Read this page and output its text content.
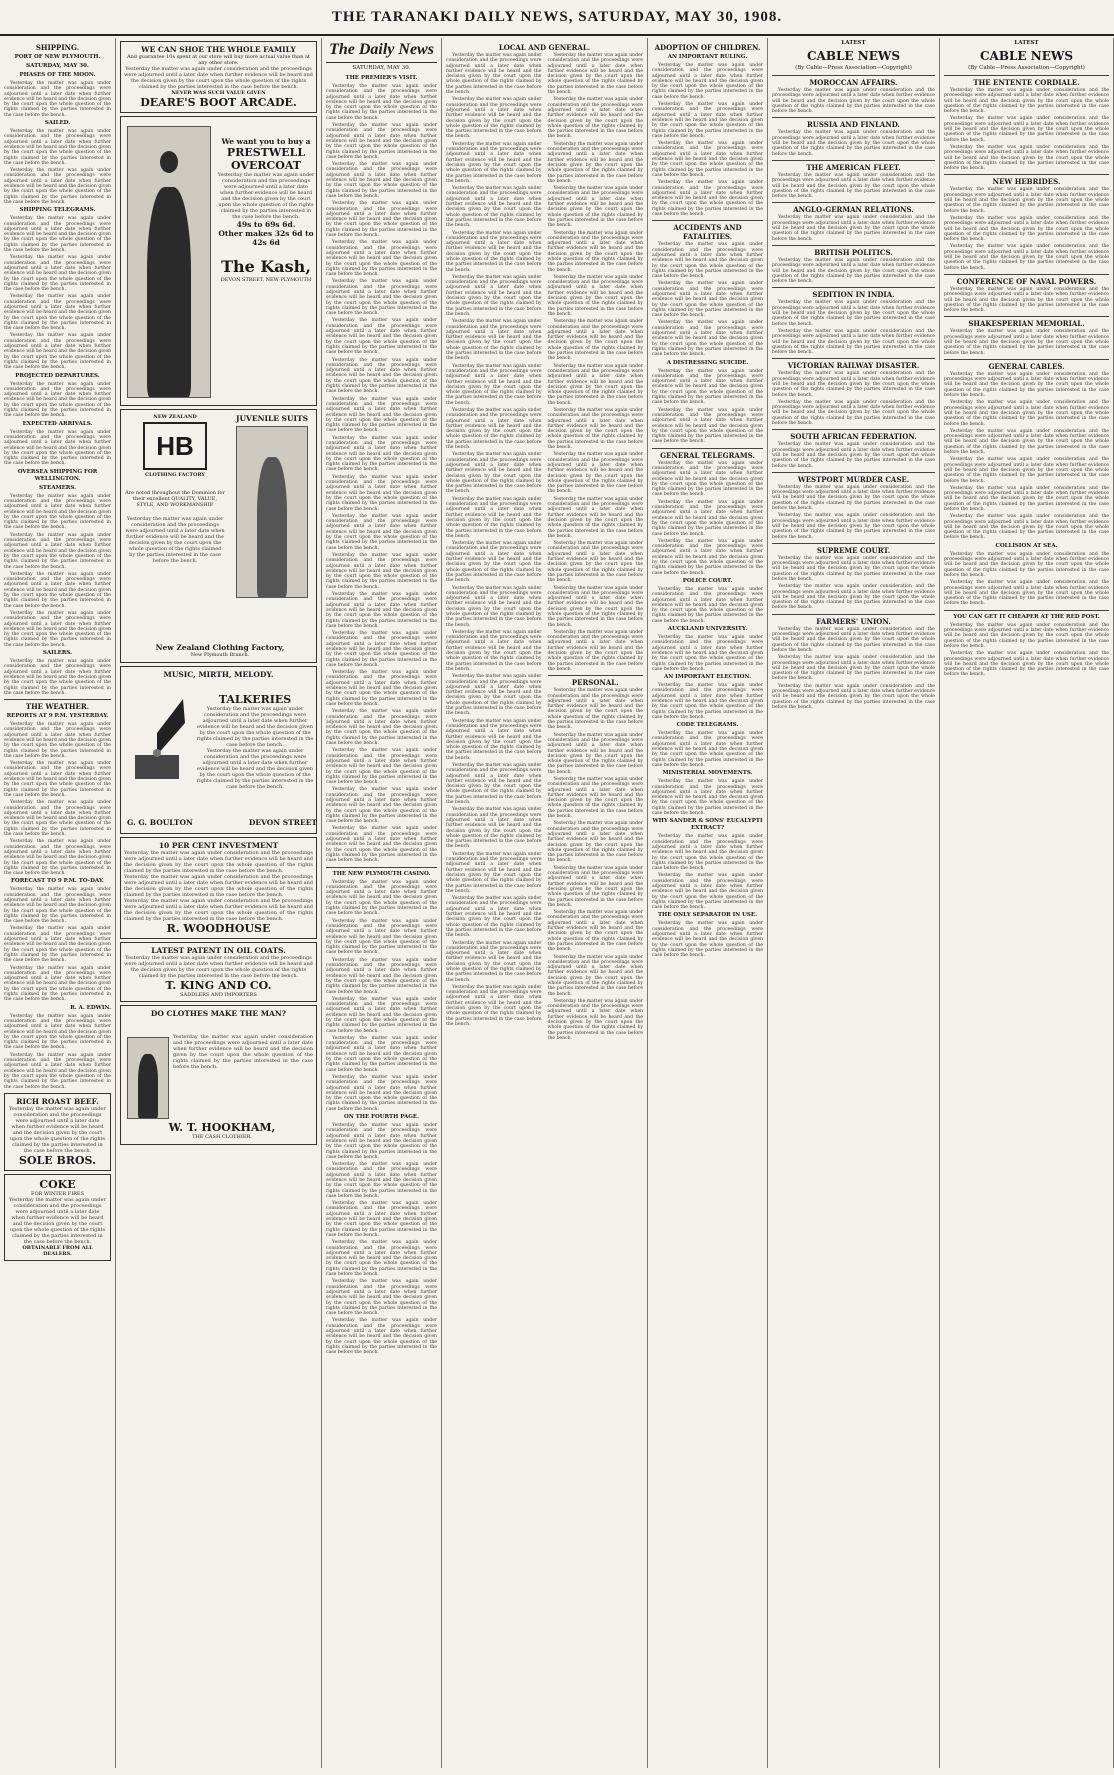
THE TARANAKI DAILY NEWS, SATURDAY, MAY 30, 1908.
SHIPPING.
PORT OF NEW PLYMOUTH.
SATURDAY, MAY 30.
PHASES OF THE MOON.
Yesterday the matter was again under consideration and the proceedings were adjourned until a later date when further evidence will be heard and the decision given by the court upon the whole question of the rights claimed by the parties interested in the case before the bench.
SAILED.
Yesterday the matter was again under consideration and the proceedings were adjourned until a later date when further evidence will be heard and the decision given by the court upon the whole question of the rights claimed by the parties interested in the case before the bench.
Yesterday the matter was again under consideration and the proceedings were adjourned until a later date when further evidence will be heard and the decision given by the court upon the whole question of the rights claimed by the parties interested in the case before the bench.
SHIPPING TELEGRAMS.
Yesterday the matter was again under consideration and the proceedings were adjourned until a later date when further evidence will be heard and the decision given by the court upon the whole question of the rights claimed by the parties interested in the case before the bench.
Yesterday the matter was again under consideration and the proceedings were adjourned until a later date when further evidence will be heard and the decision given by the court upon the whole question of the rights claimed by the parties interested in the case before the bench.
Yesterday the matter was again under consideration and the proceedings were adjourned until a later date when further evidence will be heard and the decision given by the court upon the whole question of the rights claimed by the parties interested in the case before the bench.
Yesterday the matter was again under consideration and the proceedings were adjourned until a later date when further evidence will be heard and the decision given by the court upon the whole question of the rights claimed by the parties interested in the case before the bench.
PROJECTED DEPARTURES.
Yesterday the matter was again under consideration and the proceedings were adjourned until a later date when further evidence will be heard and the decision given by the court upon the whole question of the rights claimed by the parties interested in the case before the bench.
EXPECTED ARRIVALS.
Yesterday the matter was again under consideration and the proceedings were adjourned until a later date when further evidence will be heard and the decision given by the court upon the whole question of the rights claimed by the parties interested in the case before the bench.
OVERSEA SHIPPING FOR WELLINGTON.
STEAMERS.
Yesterday the matter was again under consideration and the proceedings were adjourned until a later date when further evidence will be heard and the decision given by the court upon the whole question of the rights claimed by the parties interested in the case before the bench.
Yesterday the matter was again under consideration and the proceedings were adjourned until a later date when further evidence will be heard and the decision given by the court upon the whole question of the rights claimed by the parties interested in the case before the bench.
Yesterday the matter was again under consideration and the proceedings were adjourned until a later date when further evidence will be heard and the decision given by the court upon the whole question of the rights claimed by the parties interested in the case before the bench.
Yesterday the matter was again under consideration and the proceedings were adjourned until a later date when further evidence will be heard and the decision given by the court upon the whole question of the rights claimed by the parties interested in the case before the bench.
SAILERS.
Yesterday the matter was again under consideration and the proceedings were adjourned until a later date when further evidence will be heard and the decision given by the court upon the whole question of the rights claimed by the parties interested in the case before the bench.
THE WEATHER.
REPORTS AT 9 P.M. YESTERDAY.
Yesterday the matter was again under consideration and the proceedings were adjourned until a later date when further evidence will be heard and the decision given by the court upon the whole question of the rights claimed by the parties interested in the case before the bench.
Yesterday the matter was again under consideration and the proceedings were adjourned until a later date when further evidence will be heard and the decision given by the court upon the whole question of the rights claimed by the parties interested in the case before the bench.
Yesterday the matter was again under consideration and the proceedings were adjourned until a later date when further evidence will be heard and the decision given by the court upon the whole question of the rights claimed by the parties interested in the case before the bench.
Yesterday the matter was again under consideration and the proceedings were adjourned until a later date when further evidence will be heard and the decision given by the court upon the whole question of the rights claimed by the parties interested in the case before the bench.
FORECAST TO 9 P.M. TO-DAY.
Yesterday the matter was again under consideration and the proceedings were adjourned until a later date when further evidence will be heard and the decision given by the court upon the whole question of the rights claimed by the parties interested in the case before the bench.
Yesterday the matter was again under consideration and the proceedings were adjourned until a later date when further evidence will be heard and the decision given by the court upon the whole question of the rights claimed by the parties interested in the case before the bench.
Yesterday the matter was again under consideration and the proceedings were adjourned until a later date when further evidence will be heard and the decision given by the court upon the whole question of the rights claimed by the parties interested in the case before the bench.
R. A. EDWIN.
Yesterday the matter was again under consideration and the proceedings were adjourned until a later date when further evidence will be heard and the decision given by the court upon the whole question of the rights claimed by the parties interested in the case before the bench.
Yesterday the matter was again under consideration and the proceedings were adjourned until a later date when further evidence will be heard and the decision given by the court upon the whole question of the rights claimed by the parties interested in the case before the bench.
RICH ROAST BEEF.
Yesterday the matter was again under consideration and the proceedings were adjourned until a later date when further evidence will be heard and the decision given by the court upon the whole question of the rights claimed by the parties interested in the case before the bench.
SOLE BROS.
COKE
FOR WINTER FIRES
Yesterday the matter was again under consideration and the proceedings were adjourned until a later date when further evidence will be heard and the decision given by the court upon the whole question of the rights claimed by the parties interested in the case before the bench.
OBTAINABLE FROM ALL DEALERS.
WE CAN SHOE THE WHOLE FAMILY
And guarantee 10s spent at our store will buy more actual value than at any other store.
Yesterday the matter was again under consideration and the proceedings were adjourned until a later date when further evidence will be heard and the decision given by the court upon the whole question of the rights claimed by the parties interested in the case before the bench.
NEVER WAS SUCH VALUE GIVEN
DEARE'S BOOT ARCADE.
We want you to buy a
PRESTWELL OVERCOAT
Yesterday the matter was again under consideration and the proceedings were adjourned until a later date when further evidence will be heard and the decision given by the court upon the whole question of the rights claimed by the parties interested in the case before the bench.
49s to 69s 6d.
Other makes 32s 6d to 42s 6d
The Kash,
DEVON STREET, NEW PLYMOUTH
NEW ZEALAND
HB
CLOTHING FACTORY
Are noted throughout the Dominion for their excellent QUALITY, VALUE, STYLE, AND WORKMANSHIP.
Yesterday the matter was again under consideration and the proceedings were adjourned until a later date when further evidence will be heard and the decision given by the court upon the whole question of the rights claimed by the parties interested in the case before the bench.
JUVENILE SUITS
New Zealand Clothing Factory,
New Plymouth Branch.
MUSIC, MIRTH, MELODY.
TALKERIES
Yesterday the matter was again under consideration and the proceedings were adjourned until a later date when further evidence will be heard and the decision given by the court upon the whole question of the rights claimed by the parties interested in the case before the bench.
Yesterday the matter was again under consideration and the proceedings were adjourned until a later date when further evidence will be heard and the decision given by the court upon the whole question of the rights claimed by the parties interested in the case before the bench.
G. G. BOULTON	DEVON STREET
10 PER CENT INVESTMENT
Yesterday the matter was again under consideration and the proceedings were adjourned until a later date when further evidence will be heard and the decision given by the court upon the whole question of the rights claimed by the parties interested in the case before the bench.
Yesterday the matter was again under consideration and the proceedings were adjourned until a later date when further evidence will be heard and the decision given by the court upon the whole question of the rights claimed by the parties interested in the case before the bench.
Yesterday the matter was again under consideration and the proceedings were adjourned until a later date when further evidence will be heard and the decision given by the court upon the whole question of the rights claimed by the parties interested in the case before the bench.
R. WOODHOUSE
LATEST PATENT IN OIL COATS.
Yesterday the matter was again under consideration and the proceedings were adjourned until a later date when further evidence will be heard and the decision given by the court upon the whole question of the rights claimed by the parties interested in the case before the bench.
T. KING AND CO.
SADDLERS AND IMPORTERS
DO CLOTHES MAKE THE MAN?
Yesterday the matter was again under consideration and the proceedings were adjourned until a later date when further evidence will be heard and the decision given by the court upon the whole question of the rights claimed by the parties interested in the case before the bench.
W. T. HOOKHAM,
THE CASH CLOTHIER.
The Daily News
SATURDAY, MAY 30.
THE PREMIER'S VISIT.
Yesterday the matter was again under consideration and the proceedings were adjourned until a later date when further evidence will be heard and the decision given by the court upon the whole question of the rights claimed by the parties interested in the case before the bench.
Yesterday the matter was again under consideration and the proceedings were adjourned until a later date when further evidence will be heard and the decision given by the court upon the whole question of the rights claimed by the parties interested in the case before the bench.
Yesterday the matter was again under consideration and the proceedings were adjourned until a later date when further evidence will be heard and the decision given by the court upon the whole question of the rights claimed by the parties interested in the case before the bench.
Yesterday the matter was again under consideration and the proceedings were adjourned until a later date when further evidence will be heard and the decision given by the court upon the whole question of the rights claimed by the parties interested in the case before the bench.
Yesterday the matter was again under consideration and the proceedings were adjourned until a later date when further evidence will be heard and the decision given by the court upon the whole question of the rights claimed by the parties interested in the case before the bench.
Yesterday the matter was again under consideration and the proceedings were adjourned until a later date when further evidence will be heard and the decision given by the court upon the whole question of the rights claimed by the parties interested in the case before the bench.
Yesterday the matter was again under consideration and the proceedings were adjourned until a later date when further evidence will be heard and the decision given by the court upon the whole question of the rights claimed by the parties interested in the case before the bench.
Yesterday the matter was again under consideration and the proceedings were adjourned until a later date when further evidence will be heard and the decision given by the court upon the whole question of the rights claimed by the parties interested in the case before the bench.
Yesterday the matter was again under consideration and the proceedings were adjourned until a later date when further evidence will be heard and the decision given by the court upon the whole question of the rights claimed by the parties interested in the case before the bench.
Yesterday the matter was again under consideration and the proceedings were adjourned until a later date when further evidence will be heard and the decision given by the court upon the whole question of the rights claimed by the parties interested in the case before the bench.
Yesterday the matter was again under consideration and the proceedings were adjourned until a later date when further evidence will be heard and the decision given by the court upon the whole question of the rights claimed by the parties interested in the case before the bench.
Yesterday the matter was again under consideration and the proceedings were adjourned until a later date when further evidence will be heard and the decision given by the court upon the whole question of the rights claimed by the parties interested in the case before the bench.
Yesterday the matter was again under consideration and the proceedings were adjourned until a later date when further evidence will be heard and the decision given by the court upon the whole question of the rights claimed by the parties interested in the case before the bench.
Yesterday the matter was again under consideration and the proceedings were adjourned until a later date when further evidence will be heard and the decision given by the court upon the whole question of the rights claimed by the parties interested in the case before the bench.
Yesterday the matter was again under consideration and the proceedings were adjourned until a later date when further evidence will be heard and the decision given by the court upon the whole question of the rights claimed by the parties interested in the case before the bench.
Yesterday the matter was again under consideration and the proceedings were adjourned until a later date when further evidence will be heard and the decision given by the court upon the whole question of the rights claimed by the parties interested in the case before the bench.
Yesterday the matter was again under consideration and the proceedings were adjourned until a later date when further evidence will be heard and the decision given by the court upon the whole question of the rights claimed by the parties interested in the case before the bench.
Yesterday the matter was again under consideration and the proceedings were adjourned until a later date when further evidence will be heard and the decision given by the court upon the whole question of the rights claimed by the parties interested in the case before the bench.
Yesterday the matter was again under consideration and the proceedings were adjourned until a later date when further evidence will be heard and the decision given by the court upon the whole question of the rights claimed by the parties interested in the case before the bench.
Yesterday the matter was again under consideration and the proceedings were adjourned until a later date when further evidence will be heard and the decision given by the court upon the whole question of the rights claimed by the parties interested in the case before the bench.
THE NEW PLYMOUTH CASINO.
Yesterday the matter was again under consideration and the proceedings were adjourned until a later date when further evidence will be heard and the decision given by the court upon the whole question of the rights claimed by the parties interested in the case before the bench.
Yesterday the matter was again under consideration and the proceedings were adjourned until a later date when further evidence will be heard and the decision given by the court upon the whole question of the rights claimed by the parties interested in the case before the bench.
Yesterday the matter was again under consideration and the proceedings were adjourned until a later date when further evidence will be heard and the decision given by the court upon the whole question of the rights claimed by the parties interested in the case before the bench.
Yesterday the matter was again under consideration and the proceedings were adjourned until a later date when further evidence will be heard and the decision given by the court upon the whole question of the rights claimed by the parties interested in the case before the bench.
Yesterday the matter was again under consideration and the proceedings were adjourned until a later date when further evidence will be heard and the decision given by the court upon the whole question of the rights claimed by the parties interested in the case before the bench.
Yesterday the matter was again under consideration and the proceedings were adjourned until a later date when further evidence will be heard and the decision given by the court upon the whole question of the rights claimed by the parties interested in the case before the bench.
ON THE FOURTH PAGE.
Yesterday the matter was again under consideration and the proceedings were adjourned until a later date when further evidence will be heard and the decision given by the court upon the whole question of the rights claimed by the parties interested in the case before the bench.
Yesterday the matter was again under consideration and the proceedings were adjourned until a later date when further evidence will be heard and the decision given by the court upon the whole question of the rights claimed by the parties interested in the case before the bench.
Yesterday the matter was again under consideration and the proceedings were adjourned until a later date when further evidence will be heard and the decision given by the court upon the whole question of the rights claimed by the parties interested in the case before the bench.
Yesterday the matter was again under consideration and the proceedings were adjourned until a later date when further evidence will be heard and the decision given by the court upon the whole question of the rights claimed by the parties interested in the case before the bench.
Yesterday the matter was again under consideration and the proceedings were adjourned until a later date when further evidence will be heard and the decision given by the court upon the whole question of the rights claimed by the parties interested in the case before the bench.
Yesterday the matter was again under consideration and the proceedings were adjourned until a later date when further evidence will be heard and the decision given by the court upon the whole question of the rights claimed by the parties interested in the case before the bench.
LOCAL AND GENERAL.
Yesterday the matter was again under consideration and the proceedings were adjourned until a later date when further evidence will be heard and the decision given by the court upon the whole question of the rights claimed by the parties interested in the case before the bench.
Yesterday the matter was again under consideration and the proceedings were adjourned until a later date when further evidence will be heard and the decision given by the court upon the whole question of the rights claimed by the parties interested in the case before the bench.
Yesterday the matter was again under consideration and the proceedings were adjourned until a later date when further evidence will be heard and the decision given by the court upon the whole question of the rights claimed by the parties interested in the case before the bench.
Yesterday the matter was again under consideration and the proceedings were adjourned until a later date when further evidence will be heard and the decision given by the court upon the whole question of the rights claimed by the parties interested in the case before the bench.
Yesterday the matter was again under consideration and the proceedings were adjourned until a later date when further evidence will be heard and the decision given by the court upon the whole question of the rights claimed by the parties interested in the case before the bench.
Yesterday the matter was again under consideration and the proceedings were adjourned until a later date when further evidence will be heard and the decision given by the court upon the whole question of the rights claimed by the parties interested in the case before the bench.
Yesterday the matter was again under consideration and the proceedings were adjourned until a later date when further evidence will be heard and the decision given by the court upon the whole question of the rights claimed by the parties interested in the case before the bench.
Yesterday the matter was again under consideration and the proceedings were adjourned until a later date when further evidence will be heard and the decision given by the court upon the whole question of the rights claimed by the parties interested in the case before the bench.
Yesterday the matter was again under consideration and the proceedings were adjourned until a later date when further evidence will be heard and the decision given by the court upon the whole question of the rights claimed by the parties interested in the case before the bench.
Yesterday the matter was again under consideration and the proceedings were adjourned until a later date when further evidence will be heard and the decision given by the court upon the whole question of the rights claimed by the parties interested in the case before the bench.
Yesterday the matter was again under consideration and the proceedings were adjourned until a later date when further evidence will be heard and the decision given by the court upon the whole question of the rights claimed by the parties interested in the case before the bench.
Yesterday the matter was again under consideration and the proceedings were adjourned until a later date when further evidence will be heard and the decision given by the court upon the whole question of the rights claimed by the parties interested in the case before the bench.
Yesterday the matter was again under consideration and the proceedings were adjourned until a later date when further evidence will be heard and the decision given by the court upon the whole question of the rights claimed by the parties interested in the case before the bench.
Yesterday the matter was again under consideration and the proceedings were adjourned until a later date when further evidence will be heard and the decision given by the court upon the whole question of the rights claimed by the parties interested in the case before the bench.
Yesterday the matter was again under consideration and the proceedings were adjourned until a later date when further evidence will be heard and the decision given by the court upon the whole question of the rights claimed by the parties interested in the case before the bench.
Yesterday the matter was again under consideration and the proceedings were adjourned until a later date when further evidence will be heard and the decision given by the court upon the whole question of the rights claimed by the parties interested in the case before the bench.
Yesterday the matter was again under consideration and the proceedings were adjourned until a later date when further evidence will be heard and the decision given by the court upon the whole question of the rights claimed by the parties interested in the case before the bench.
Yesterday the matter was again under consideration and the proceedings were adjourned until a later date when further evidence will be heard and the decision given by the court upon the whole question of the rights claimed by the parties interested in the case before the bench.
Yesterday the matter was again under consideration and the proceedings were adjourned until a later date when further evidence will be heard and the decision given by the court upon the whole question of the rights claimed by the parties interested in the case before the bench.
Yesterday the matter was again under consideration and the proceedings were adjourned until a later date when further evidence will be heard and the decision given by the court upon the whole question of the rights claimed by the parties interested in the case before the bench.
Yesterday the matter was again under consideration and the proceedings were adjourned until a later date when further evidence will be heard and the decision given by the court upon the whole question of the rights claimed by the parties interested in the case before the bench.
Yesterday the matter was again under consideration and the proceedings were adjourned until a later date when further evidence will be heard and the decision given by the court upon the whole question of the rights claimed by the parties interested in the case before the bench.
Yesterday the matter was again under consideration and the proceedings were adjourned until a later date when further evidence will be heard and the decision given by the court upon the whole question of the rights claimed by the parties interested in the case before the bench.
Yesterday the matter was again under consideration and the proceedings were adjourned until a later date when further evidence will be heard and the decision given by the court upon the whole question of the rights claimed by the parties interested in the case before the bench.
Yesterday the matter was again under consideration and the proceedings were adjourned until a later date when further evidence will be heard and the decision given by the court upon the whole question of the rights claimed by the parties interested in the case before the bench.
Yesterday the matter was again under consideration and the proceedings were adjourned until a later date when further evidence will be heard and the decision given by the court upon the whole question of the rights claimed by the parties interested in the case before the bench.
Yesterday the matter was again under consideration and the proceedings were adjourned until a later date when further evidence will be heard and the decision given by the court upon the whole question of the rights claimed by the parties interested in the case before the bench.
Yesterday the matter was again under consideration and the proceedings were adjourned until a later date when further evidence will be heard and the decision given by the court upon the whole question of the rights claimed by the parties interested in the case before the bench.
Yesterday the matter was again under consideration and the proceedings were adjourned until a later date when further evidence will be heard and the decision given by the court upon the whole question of the rights claimed by the parties interested in the case before the bench.
Yesterday the matter was again under consideration and the proceedings were adjourned until a later date when further evidence will be heard and the decision given by the court upon the whole question of the rights claimed by the parties interested in the case before the bench.
Yesterday the matter was again under consideration and the proceedings were adjourned until a later date when further evidence will be heard and the decision given by the court upon the whole question of the rights claimed by the parties interested in the case before the bench.
Yesterday the matter was again under consideration and the proceedings were adjourned until a later date when further evidence will be heard and the decision given by the court upon the whole question of the rights claimed by the parties interested in the case before the bench.
Yesterday the matter was again under consideration and the proceedings were adjourned until a later date when further evidence will be heard and the decision given by the court upon the whole question of the rights claimed by the parties interested in the case before the bench.
Yesterday the matter was again under consideration and the proceedings were adjourned until a later date when further evidence will be heard and the decision given by the court upon the whole question of the rights claimed by the parties interested in the case before the bench.
Yesterday the matter was again under consideration and the proceedings were adjourned until a later date when further evidence will be heard and the decision given by the court upon the whole question of the rights claimed by the parties interested in the case before the bench.
Yesterday the matter was again under consideration and the proceedings were adjourned until a later date when further evidence will be heard and the decision given by the court upon the whole question of the rights claimed by the parties interested in the case before the bench.
PERSONAL.
Yesterday the matter was again under consideration and the proceedings were adjourned until a later date when further evidence will be heard and the decision given by the court upon the whole question of the rights claimed by the parties interested in the case before the bench.
Yesterday the matter was again under consideration and the proceedings were adjourned until a later date when further evidence will be heard and the decision given by the court upon the whole question of the rights claimed by the parties interested in the case before the bench.
Yesterday the matter was again under consideration and the proceedings were adjourned until a later date when further evidence will be heard and the decision given by the court upon the whole question of the rights claimed by the parties interested in the case before the bench.
Yesterday the matter was again under consideration and the proceedings were adjourned until a later date when further evidence will be heard and the decision given by the court upon the whole question of the rights claimed by the parties interested in the case before the bench.
Yesterday the matter was again under consideration and the proceedings were adjourned until a later date when further evidence will be heard and the decision given by the court upon the whole question of the rights claimed by the parties interested in the case before the bench.
Yesterday the matter was again under consideration and the proceedings were adjourned until a later date when further evidence will be heard and the decision given by the court upon the whole question of the rights claimed by the parties interested in the case before the bench.
Yesterday the matter was again under consideration and the proceedings were adjourned until a later date when further evidence will be heard and the decision given by the court upon the whole question of the rights claimed by the parties interested in the case before the bench.
Yesterday the matter was again under consideration and the proceedings were adjourned until a later date when further evidence will be heard and the decision given by the court upon the whole question of the rights claimed by the parties interested in the case before the bench.
ADOPTION OF CHILDREN.
AN IMPORTANT RULING.
Yesterday the matter was again under consideration and the proceedings were adjourned until a later date when further evidence will be heard and the decision given by the court upon the whole question of the rights claimed by the parties interested in the case before the bench.
Yesterday the matter was again under consideration and the proceedings were adjourned until a later date when further evidence will be heard and the decision given by the court upon the whole question of the rights claimed by the parties interested in the case before the bench.
Yesterday the matter was again under consideration and the proceedings were adjourned until a later date when further evidence will be heard and the decision given by the court upon the whole question of the rights claimed by the parties interested in the case before the bench.
Yesterday the matter was again under consideration and the proceedings were adjourned until a later date when further evidence will be heard and the decision given by the court upon the whole question of the rights claimed by the parties interested in the case before the bench.
ACCIDENTS AND FATALITIES.
Yesterday the matter was again under consideration and the proceedings were adjourned until a later date when further evidence will be heard and the decision given by the court upon the whole question of the rights claimed by the parties interested in the case before the bench.
Yesterday the matter was again under consideration and the proceedings were adjourned until a later date when further evidence will be heard and the decision given by the court upon the whole question of the rights claimed by the parties interested in the case before the bench.
Yesterday the matter was again under consideration and the proceedings were adjourned until a later date when further evidence will be heard and the decision given by the court upon the whole question of the rights claimed by the parties interested in the case before the bench.
A DISTRESSING SUICIDE.
Yesterday the matter was again under consideration and the proceedings were adjourned until a later date when further evidence will be heard and the decision given by the court upon the whole question of the rights claimed by the parties interested in the case before the bench.
Yesterday the matter was again under consideration and the proceedings were adjourned until a later date when further evidence will be heard and the decision given by the court upon the whole question of the rights claimed by the parties interested in the case before the bench.
GENERAL TELEGRAMS.
Yesterday the matter was again under consideration and the proceedings were adjourned until a later date when further evidence will be heard and the decision given by the court upon the whole question of the rights claimed by the parties interested in the case before the bench.
Yesterday the matter was again under consideration and the proceedings were adjourned until a later date when further evidence will be heard and the decision given by the court upon the whole question of the rights claimed by the parties interested in the case before the bench.
Yesterday the matter was again under consideration and the proceedings were adjourned until a later date when further evidence will be heard and the decision given by the court upon the whole question of the rights claimed by the parties interested in the case before the bench.
POLICE COURT.
Yesterday the matter was again under consideration and the proceedings were adjourned until a later date when further evidence will be heard and the decision given by the court upon the whole question of the rights claimed by the parties interested in the case before the bench.
AUCKLAND UNIVERSITY.
Yesterday the matter was again under consideration and the proceedings were adjourned until a later date when further evidence will be heard and the decision given by the court upon the whole question of the rights claimed by the parties interested in the case before the bench.
AN IMPORTANT ELECTION.
Yesterday the matter was again under consideration and the proceedings were adjourned until a later date when further evidence will be heard and the decision given by the court upon the whole question of the rights claimed by the parties interested in the case before the bench.
CODE TELEGRAMS.
Yesterday the matter was again under consideration and the proceedings were adjourned until a later date when further evidence will be heard and the decision given by the court upon the whole question of the rights claimed by the parties interested in the case before the bench.
MINISTERIAL MOVEMENTS.
Yesterday the matter was again under consideration and the proceedings were adjourned until a later date when further evidence will be heard and the decision given by the court upon the whole question of the rights claimed by the parties interested in the case before the bench.
WHY SANDER & SONS' EUCALYPTI EXTRACT?
Yesterday the matter was again under consideration and the proceedings were adjourned until a later date when further evidence will be heard and the decision given by the court upon the whole question of the rights claimed by the parties interested in the case before the bench.
Yesterday the matter was again under consideration and the proceedings were adjourned until a later date when further evidence will be heard and the decision given by the court upon the whole question of the rights claimed by the parties interested in the case before the bench.
THE ONLY SEPARATOR IN USE.
Yesterday the matter was again under consideration and the proceedings were adjourned until a later date when further evidence will be heard and the decision given by the court upon the whole question of the rights claimed by the parties interested in the case before the bench.
LATEST
CABLE NEWS
(By Cable—Press Association—Copyright)
MOROCCAN AFFAIRS.
Yesterday the matter was again under consideration and the proceedings were adjourned until a later date when further evidence will be heard and the decision given by the court upon the whole question of the rights claimed by the parties interested in the case before the bench.
RUSSIA AND FINLAND.
Yesterday the matter was again under consideration and the proceedings were adjourned until a later date when further evidence will be heard and the decision given by the court upon the whole question of the rights claimed by the parties interested in the case before the bench.
THE AMERICAN FLEET.
Yesterday the matter was again under consideration and the proceedings were adjourned until a later date when further evidence will be heard and the decision given by the court upon the whole question of the rights claimed by the parties interested in the case before the bench.
ANGLO-GERMAN RELATIONS.
Yesterday the matter was again under consideration and the proceedings were adjourned until a later date when further evidence will be heard and the decision given by the court upon the whole question of the rights claimed by the parties interested in the case before the bench.
BRITISH POLITICS.
Yesterday the matter was again under consideration and the proceedings were adjourned until a later date when further evidence will be heard and the decision given by the court upon the whole question of the rights claimed by the parties interested in the case before the bench.
SEDITION IN INDIA.
Yesterday the matter was again under consideration and the proceedings were adjourned until a later date when further evidence will be heard and the decision given by the court upon the whole question of the rights claimed by the parties interested in the case before the bench.
Yesterday the matter was again under consideration and the proceedings were adjourned until a later date when further evidence will be heard and the decision given by the court upon the whole question of the rights claimed by the parties interested in the case before the bench.
VICTORIAN RAILWAY DISASTER.
Yesterday the matter was again under consideration and the proceedings were adjourned until a later date when further evidence will be heard and the decision given by the court upon the whole question of the rights claimed by the parties interested in the case before the bench.
Yesterday the matter was again under consideration and the proceedings were adjourned until a later date when further evidence will be heard and the decision given by the court upon the whole question of the rights claimed by the parties interested in the case before the bench.
SOUTH AFRICAN FEDERATION.
Yesterday the matter was again under consideration and the proceedings were adjourned until a later date when further evidence will be heard and the decision given by the court upon the whole question of the rights claimed by the parties interested in the case before the bench.
WESTPORT MURDER CASE.
Yesterday the matter was again under consideration and the proceedings were adjourned until a later date when further evidence will be heard and the decision given by the court upon the whole question of the rights claimed by the parties interested in the case before the bench.
Yesterday the matter was again under consideration and the proceedings were adjourned until a later date when further evidence will be heard and the decision given by the court upon the whole question of the rights claimed by the parties interested in the case before the bench.
SUPREME COURT.
Yesterday the matter was again under consideration and the proceedings were adjourned until a later date when further evidence will be heard and the decision given by the court upon the whole question of the rights claimed by the parties interested in the case before the bench.
Yesterday the matter was again under consideration and the proceedings were adjourned until a later date when further evidence will be heard and the decision given by the court upon the whole question of the rights claimed by the parties interested in the case before the bench.
FARMERS' UNION.
Yesterday the matter was again under consideration and the proceedings were adjourned until a later date when further evidence will be heard and the decision given by the court upon the whole question of the rights claimed by the parties interested in the case before the bench.
Yesterday the matter was again under consideration and the proceedings were adjourned until a later date when further evidence will be heard and the decision given by the court upon the whole question of the rights claimed by the parties interested in the case before the bench.
Yesterday the matter was again under consideration and the proceedings were adjourned until a later date when further evidence will be heard and the decision given by the court upon the whole question of the rights claimed by the parties interested in the case before the bench.
LATEST
CABLE NEWS
(By Cable—Press Association—Copyright)
THE ENTENTE CORDIALE.
Yesterday the matter was again under consideration and the proceedings were adjourned until a later date when further evidence will be heard and the decision given by the court upon the whole question of the rights claimed by the parties interested in the case before the bench.
Yesterday the matter was again under consideration and the proceedings were adjourned until a later date when further evidence will be heard and the decision given by the court upon the whole question of the rights claimed by the parties interested in the case before the bench.
Yesterday the matter was again under consideration and the proceedings were adjourned until a later date when further evidence will be heard and the decision given by the court upon the whole question of the rights claimed by the parties interested in the case before the bench.
NEW HEBRIDES.
Yesterday the matter was again under consideration and the proceedings were adjourned until a later date when further evidence will be heard and the decision given by the court upon the whole question of the rights claimed by the parties interested in the case before the bench.
Yesterday the matter was again under consideration and the proceedings were adjourned until a later date when further evidence will be heard and the decision given by the court upon the whole question of the rights claimed by the parties interested in the case before the bench.
Yesterday the matter was again under consideration and the proceedings were adjourned until a later date when further evidence will be heard and the decision given by the court upon the whole question of the rights claimed by the parties interested in the case before the bench.
CONFERENCE OF NAVAL POWERS.
Yesterday the matter was again under consideration and the proceedings were adjourned until a later date when further evidence will be heard and the decision given by the court upon the whole question of the rights claimed by the parties interested in the case before the bench.
SHAKESPERIAN MEMORIAL.
Yesterday the matter was again under consideration and the proceedings were adjourned until a later date when further evidence will be heard and the decision given by the court upon the whole question of the rights claimed by the parties interested in the case before the bench.
GENERAL CABLES.
Yesterday the matter was again under consideration and the proceedings were adjourned until a later date when further evidence will be heard and the decision given by the court upon the whole question of the rights claimed by the parties interested in the case before the bench.
Yesterday the matter was again under consideration and the proceedings were adjourned until a later date when further evidence will be heard and the decision given by the court upon the whole question of the rights claimed by the parties interested in the case before the bench.
Yesterday the matter was again under consideration and the proceedings were adjourned until a later date when further evidence will be heard and the decision given by the court upon the whole question of the rights claimed by the parties interested in the case before the bench.
Yesterday the matter was again under consideration and the proceedings were adjourned until a later date when further evidence will be heard and the decision given by the court upon the whole question of the rights claimed by the parties interested in the case before the bench.
Yesterday the matter was again under consideration and the proceedings were adjourned until a later date when further evidence will be heard and the decision given by the court upon the whole question of the rights claimed by the parties interested in the case before the bench.
Yesterday the matter was again under consideration and the proceedings were adjourned until a later date when further evidence will be heard and the decision given by the court upon the whole question of the rights claimed by the parties interested in the case before the bench.
COLLISION AT SEA.
Yesterday the matter was again under consideration and the proceedings were adjourned until a later date when further evidence will be heard and the decision given by the court upon the whole question of the rights claimed by the parties interested in the case before the bench.
Yesterday the matter was again under consideration and the proceedings were adjourned until a later date when further evidence will be heard and the decision given by the court upon the whole question of the rights claimed by the parties interested in the case before the bench.
YOU CAN GET IT CHEAPER AT THE RED POST.
Yesterday the matter was again under consideration and the proceedings were adjourned until a later date when further evidence will be heard and the decision given by the court upon the whole question of the rights claimed by the parties interested in the case before the bench.
Yesterday the matter was again under consideration and the proceedings were adjourned until a later date when further evidence will be heard and the decision given by the court upon the whole question of the rights claimed by the parties interested in the case before the bench.
